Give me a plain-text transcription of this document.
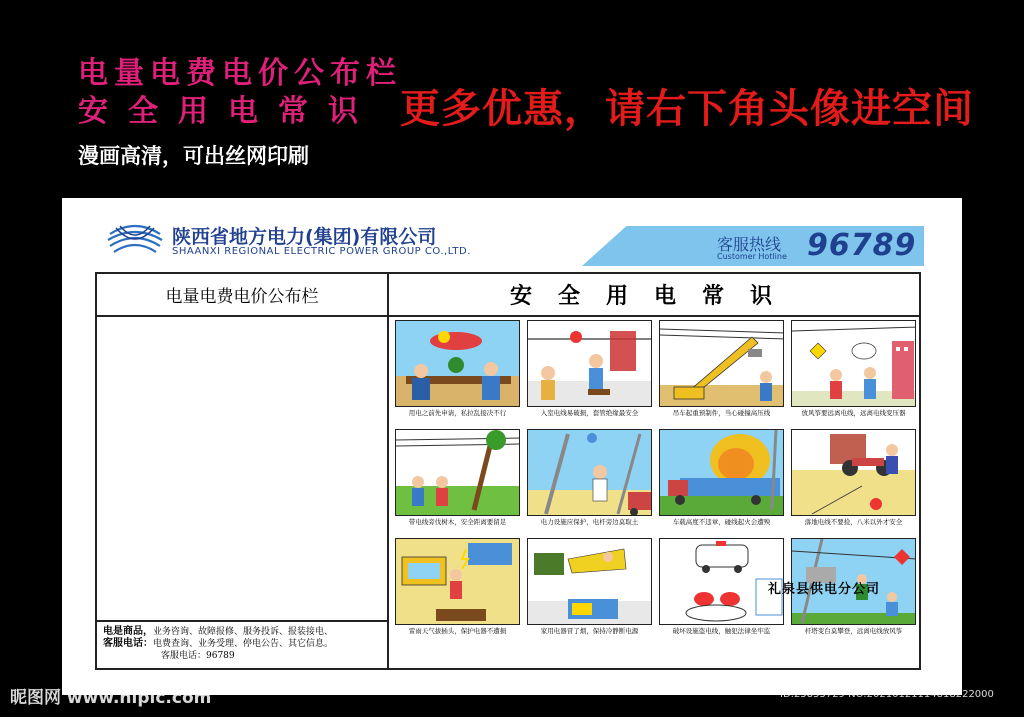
电量电费电价公布栏
安全用电常识
漫画高清，可出丝网印刷
更多优惠，请右下角头像进空间
陕西省地方电力(集团)有限公司
SHAANXI REGIONAL ELECTRIC POWER GROUP CO.,LTD.	客服热线
Customer Hotline 96789
电量电费电价公布栏	安全用电常识
电是商品，业务咨询、故障报修、服务投诉、报装接电、
客服电话：电费查询、业务受理、停电公告、其它信息。
客服电话：96789
用电之前先申请，私拉乱接决不行	入室电线易破损，套管绝缘最安全	吊车起重预制件，当心碰撞高压线	放风筝要远离电线，远离电线变压器
带电线旁伐树木，安全距离要留足	电力设施应保护，电杆旁边莫取土	车载高度不违章，碰线起火会遭殃	落地电线不要捡，八米以外才安全
雷雨天气拔插头，保护电器不遭损	家用电器冒了烟，保持冷静断电源	破坏设施盗电线，触犯法律坐牢监	杆塔变台莫攀登，远离电线放风筝
礼泉县供电分公司
昵图网 www.nipic.com	ID:25855729 NO:20210121114818222000
